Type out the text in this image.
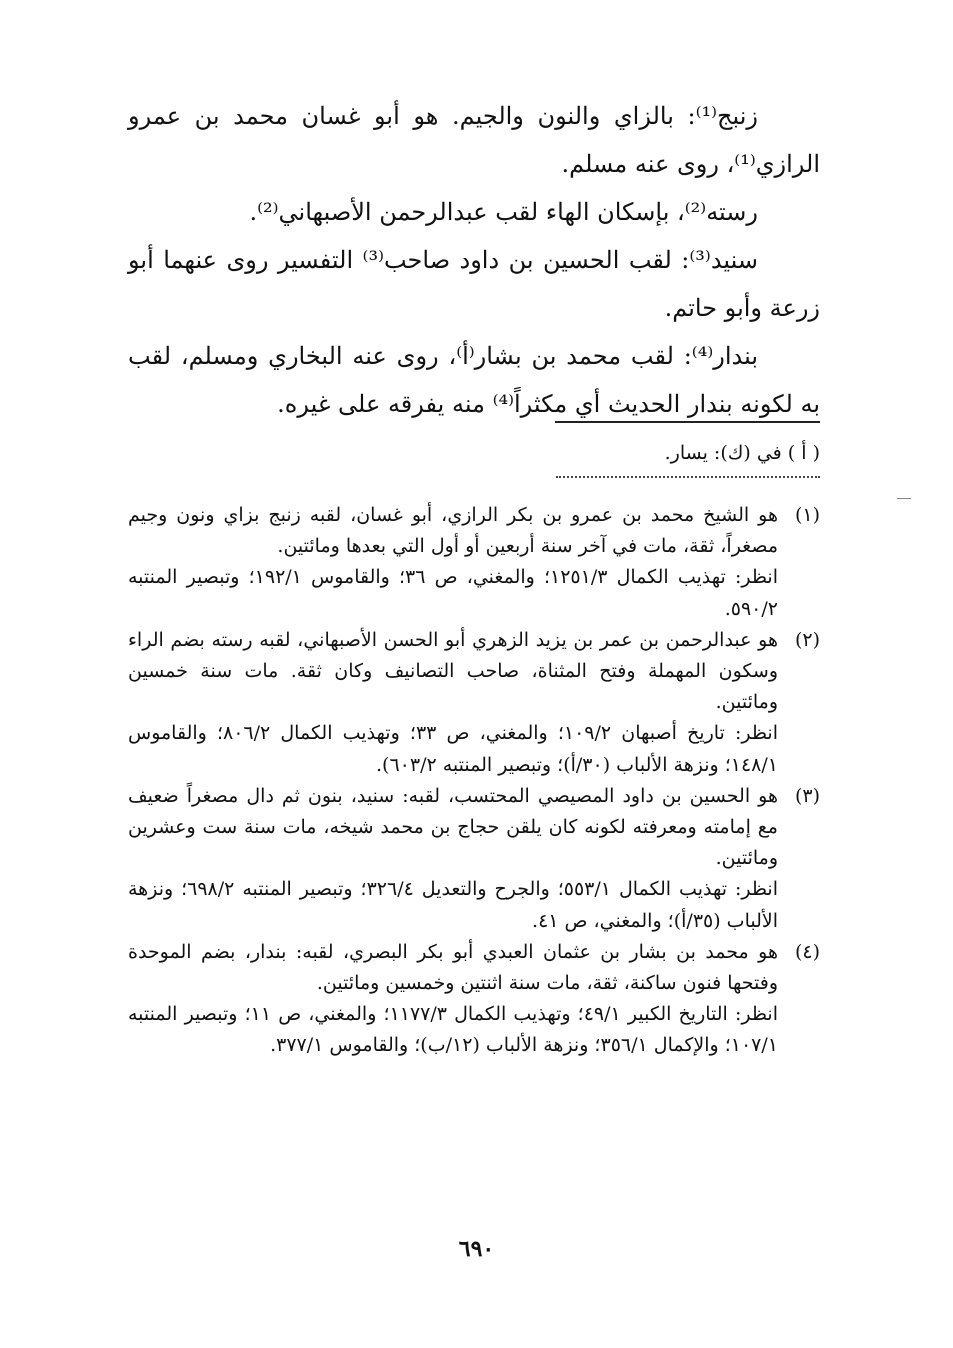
زنبج⁽¹⁾: بالزاي والنون والجيم. هو أبو غسان محمد بن عمرو الرازي⁽¹⁾، روى عنه مسلم.

رسته⁽²⁾، بإسكان الهاء لقب عبدالرحمن الأصبهاني⁽²⁾.

سنيد⁽³⁾: لقب الحسين بن داود صاحب⁽³⁾ التفسير روى عنهما أبو زرعة وأبو حاتم.

بندار⁽⁴⁾: لقب محمد بن بشار⁽أ⁾، روى عنه البخاري ومسلم، لقب به لكونه بندار الحديث أي مكثراً⁽⁴⁾ منه يفرقه على غيره.

( أ ) في (ك): يسار.
(١)
هو الشيخ محمد بن عمرو بن بكر الرازي، أبو غسان، لقبه زنبج بزاي ونون وجيم مصغراً، ثقة، مات في آخر سنة أربعين أو أول التي بعدها ومائتين.
انظر: تهذيب الكمال ١٢٥١/٣؛ والمغني، ص ٣٦؛ والقاموس ١٩٢/١؛ وتبصير المنتبه ٥٩٠/٢.
(٢)
هو عبدالرحمن بن عمر بن يزيد الزهري أبو الحسن الأصبهاني، لقبه رسته بضم الراء وسكون المهملة وفتح المثناة، صاحب التصانيف وكان ثقة. مات سنة خمسين ومائتين.
انظر: تاريخ أصبهان ١٠٩/٢؛ والمغني، ص ٣٣؛ وتهذيب الكمال ٨٠٦/٢؛ والقاموس ١٤٨/١؛ ونزهة الألباب (٣٠/أ)؛ وتبصير المنتبه ٦٠٣/٢).
(٣)
هو الحسين بن داود المصيصي المحتسب، لقبه: سنيد، بنون ثم دال مصغراً ضعيف مع إمامته ومعرفته لكونه كان يلقن حجاج بن محمد شيخه، مات سنة ست وعشرين ومائتين.
انظر: تهذيب الكمال ٥٥٣/١؛ والجرح والتعديل ٣٢٦/٤؛ وتبصير المنتبه ٦٩٨/٢؛ ونزهة الألباب (٣٥/أ)؛ والمغني، ص ٤١.
(٤)
هو محمد بن بشار بن عثمان العبدي أبو بكر البصري، لقبه: بندار، بضم الموحدة وفتحها فنون ساكنة، ثقة، مات سنة اثنتين وخمسين ومائتين.
انظر: التاريخ الكبير ٤٩/١؛ وتهذيب الكمال ١١٧٧/٣؛ والمغني، ص ١١؛ وتبصير المنتبه ١٠٧/١؛ والإكمال ٣٥٦/١؛ ونزهة الألباب (١٢/ب)؛ والقاموس ٣٧٧/١.
٦٩٠
